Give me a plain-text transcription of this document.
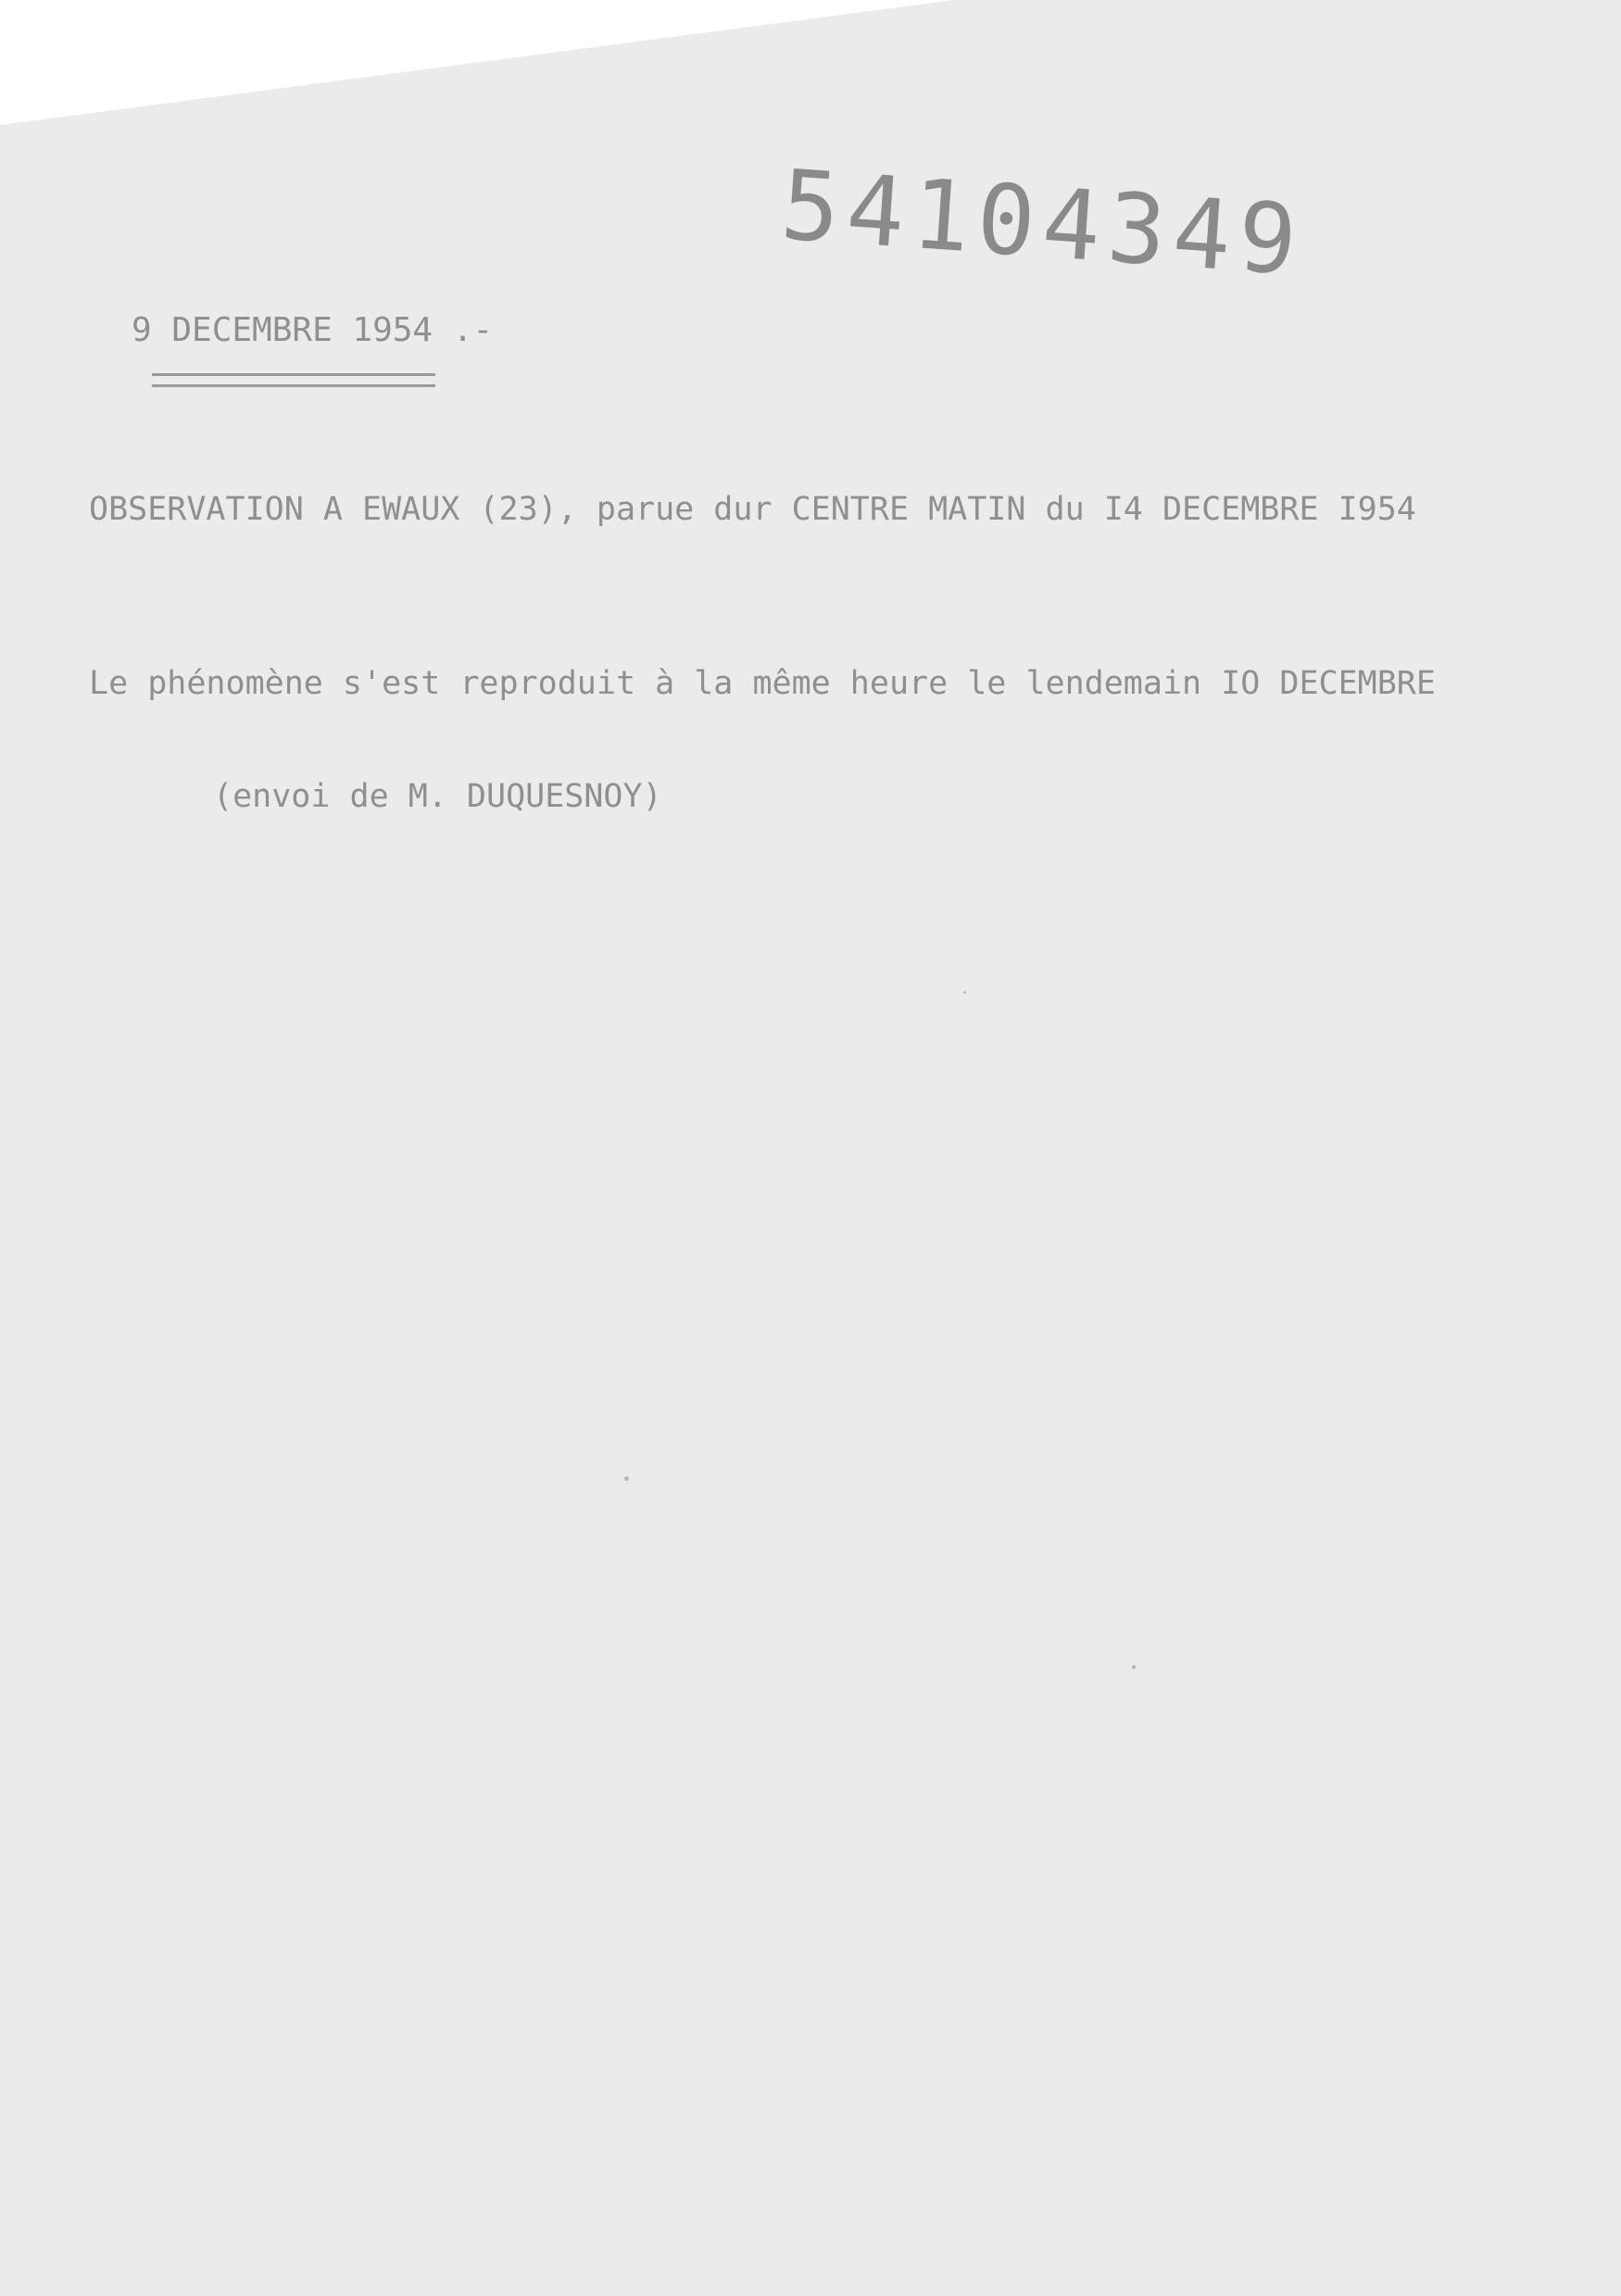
54104349
9 DECEMBRE 1954 .-
OBSERVATION A EWAUX (23), parue dur CENTRE MATIN du I4 DECEMBRE I954
Le phénomène s'est reproduit à la même heure le lendemain IO DECEMBRE
(envoi de M. DUQUESNOY)
